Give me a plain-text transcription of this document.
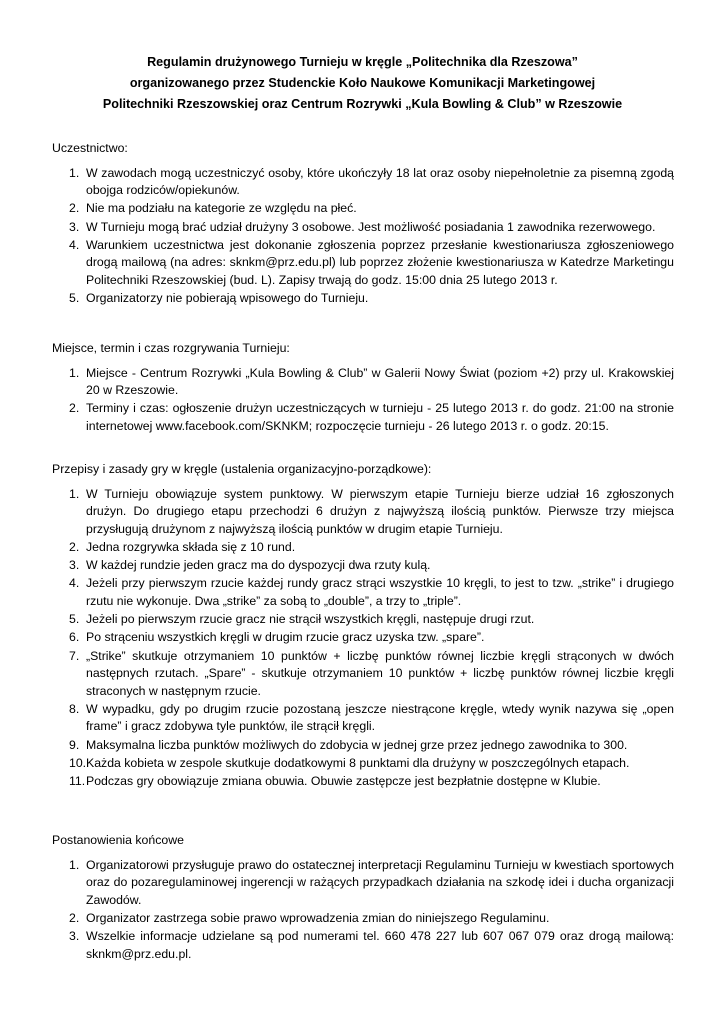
Regulamin drużynowego Turnieju w kręgle „Politechnika dla Rzeszowa”
organizowanego przez Studenckie Koło Naukowe Komunikacji Marketingowej
Politechniki Rzeszowskiej oraz Centrum Rozrywki „Kula Bowling & Club” w Rzeszowie
Uczestnictwo:
1. W zawodach mogą uczestniczyć osoby, które ukończyły 18 lat oraz osoby niepełnoletnie za pisemną zgodą obojga rodziców/opiekunów.
2. Nie ma podziału na kategorie ze względu na płeć.
3. W Turnieju mogą brać udział drużyny 3 osobowe. Jest możliwość posiadania 1 zawodnika rezerwowego.
4. Warunkiem uczestnictwa jest dokonanie zgłoszenia poprzez przesłanie kwestionariusza zgłoszeniowego drogą mailową (na adres: sknkm@prz.edu.pl) lub poprzez złożenie kwestionariusza w Katedrze Marketingu Politechniki Rzeszowskiej (bud. L). Zapisy trwają do godz. 15:00 dnia 25 lutego 2013 r.
5. Organizatorzy nie pobierają wpisowego do Turnieju.
Miejsce, termin i czas rozgrywania Turnieju:
1. Miejsce - Centrum Rozrywki „Kula Bowling & Club” w Galerii Nowy Świat (poziom +2) przy ul. Krakowskiej 20 w Rzeszowie.
2. Terminy i czas: ogłoszenie drużyn uczestniczących w turnieju - 25 lutego 2013 r. do godz. 21:00 na stronie internetowej www.facebook.com/SKNKM; rozpoczęcie turnieju - 26 lutego 2013 r. o godz. 20:15.
Przepisy i zasady gry w kręgle (ustalenia organizacyjno-porządkowe):
1. W Turnieju obowiązuje system punktowy. W pierwszym etapie Turnieju bierze udział 16 zgłoszonych drużyn. Do drugiego etapu przechodzi 6 drużyn z najwyższą ilością punktów. Pierwsze trzy miejsca przysługują drużynom z najwyższą ilością punktów w drugim etapie Turnieju.
2. Jedna rozgrywka składa się z 10 rund.
3. W każdej rundzie jeden gracz ma do dyspozycji dwa rzuty kulą.
4. Jeżeli przy pierwszym rzucie każdej rundy gracz strąci wszystkie 10 kręgli, to jest to tzw. „strike” i drugiego rzutu nie wykonuje. Dwa „strike” za sobą to „double”, a trzy to „triple”.
5. Jeżeli po pierwszym rzucie gracz nie strącił wszystkich kręgli, następuje drugi rzut.
6. Po strąceniu wszystkich kręgli w drugim rzucie gracz uzyska tzw. „spare”.
7. „Strike” skutkuje otrzymaniem 10 punktów + liczbę punktów równej liczbie kręgli strąconych w dwóch następnych rzutach. „Spare” - skutkuje otrzymaniem 10 punktów + liczbę punktów równej liczbie kręgli straconych w następnym rzucie.
8. W wypadku, gdy po drugim rzucie pozostaną jeszcze niestrącone kręgle, wtedy wynik nazywa się „open frame” i gracz zdobywa tyle punktów, ile strącił kręgli.
9. Maksymalna liczba punktów możliwych do zdobycia w jednej grze przez jednego zawodnika to 300.
10. Każda kobieta w zespole skutkuje dodatkowymi 8 punktami dla drużyny w poszczególnych etapach.
11. Podczas gry obowiązuje zmiana obuwia. Obuwie zastępcze jest bezpłatnie dostępne w Klubie.
Postanowienia końcowe
1. Organizatorowi przysługuje prawo do ostatecznej interpretacji Regulaminu Turnieju w kwestiach sportowych oraz do pozaregulaminowej ingerencji w rażących przypadkach działania na szkodę idei i ducha organizacji Zawodów.
2. Organizator zastrzega sobie prawo wprowadzenia zmian do niniejszego Regulaminu.
3. Wszelkie informacje udzielane są pod numerami tel. 660 478 227 lub 607 067 079 oraz drogą mailową: sknkm@prz.edu.pl.
